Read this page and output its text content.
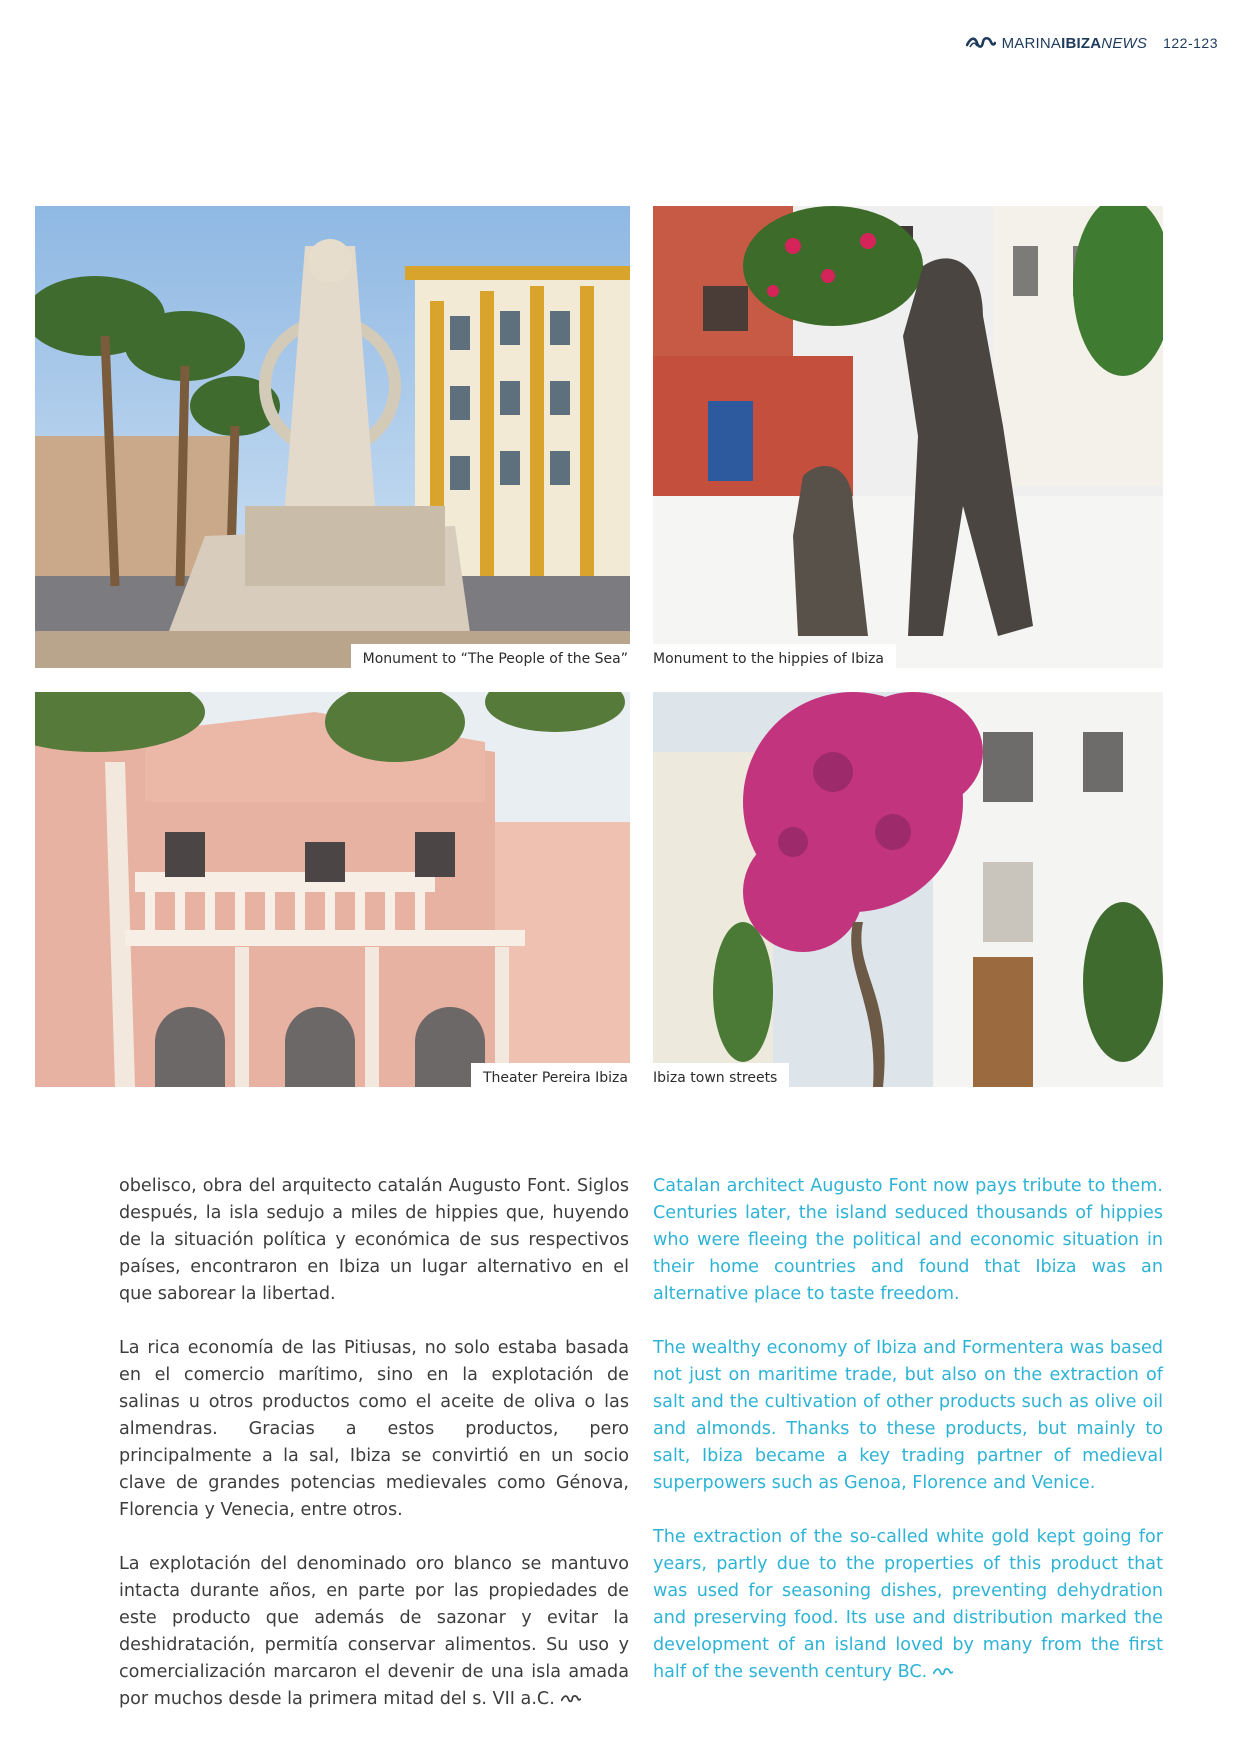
MARINAIBIZANEWS 122-123
Monument to “The People of the Sea” Monument to the hippies of Ibiza
Theater Pereira Ibiza Ibiza town streets

obelisco, obra del arquitecto catalán Augusto Font. Siglos después, la isla sedujo a miles de hippies que, huyendo de la situación política y económica de sus respectivos países, encontraron en Ibiza un lugar alternativo en el que saborear la libertad.

La rica economía de las Pitiusas, no solo estaba basada en el comercio marítimo, sino en la explotación de salinas u otros productos como el aceite de oliva o las almendras. Gracias a estos productos, pero principalmente a la sal, Ibiza se convirtió en un socio clave de grandes potencias medievales como Génova, Florencia y Venecia, entre otros.

La explotación del denominado oro blanco se mantuvo intacta durante años, en parte por las propiedades de este producto que además de sazonar y evitar la deshidratación, permitía conservar alimentos. Su uso y comercialización marcaron el devenir de una isla amada por muchos desde la primera mitad del s. VII a.C.

Catalan architect Augusto Font now pays tribute to them. Centuries later, the island seduced thousands of hippies who were fleeing the political and economic situation in their home countries and found that Ibiza was an alternative place to taste freedom.

The wealthy economy of Ibiza and Formentera was based not just on maritime trade, but also on the extraction of salt and the cultivation of other products such as olive oil and almonds. Thanks to these products, but mainly to salt, Ibiza became a key trading partner of medieval superpowers such as Genoa, Florence and Venice.

The extraction of the so-called white gold kept going for years, partly due to the properties of this product that was used for seasoning dishes, preventing dehydration and preserving food. Its use and distribution marked the development of an island loved by many from the first half of the seventh century BC.
